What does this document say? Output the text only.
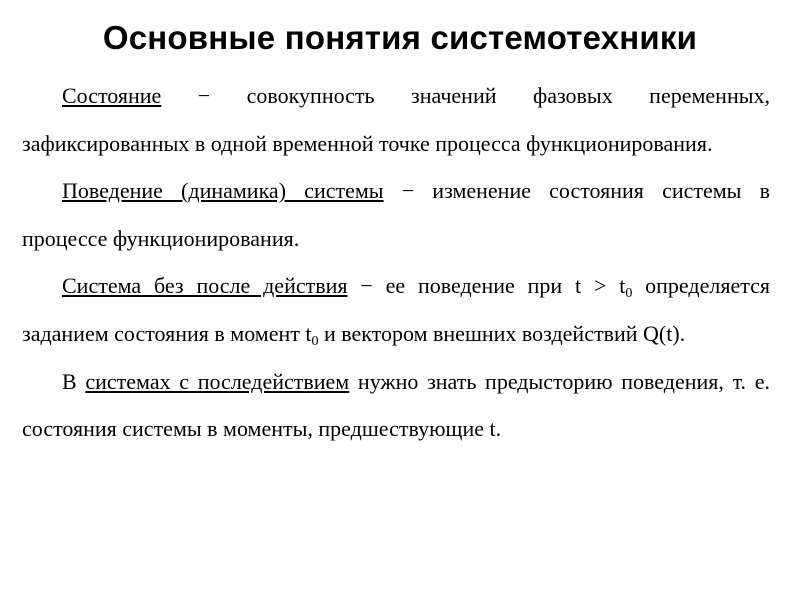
Основные понятия системотехники

Состояние − совокупность значений фазовых переменных, зафиксированных в одной временной точке процесса функционирования.

Поведение (динамика) системы − изменение состояния системы в процессе функционирования.

Система без после действия − ее поведение при $t > t_0$ определяется заданием состояния в момент $t_0$ и вектором внешних воздействий Q(t).

В системах с последействием нужно знать предысторию поведения, т. е. состояния системы в моменты, предшествующие t.
